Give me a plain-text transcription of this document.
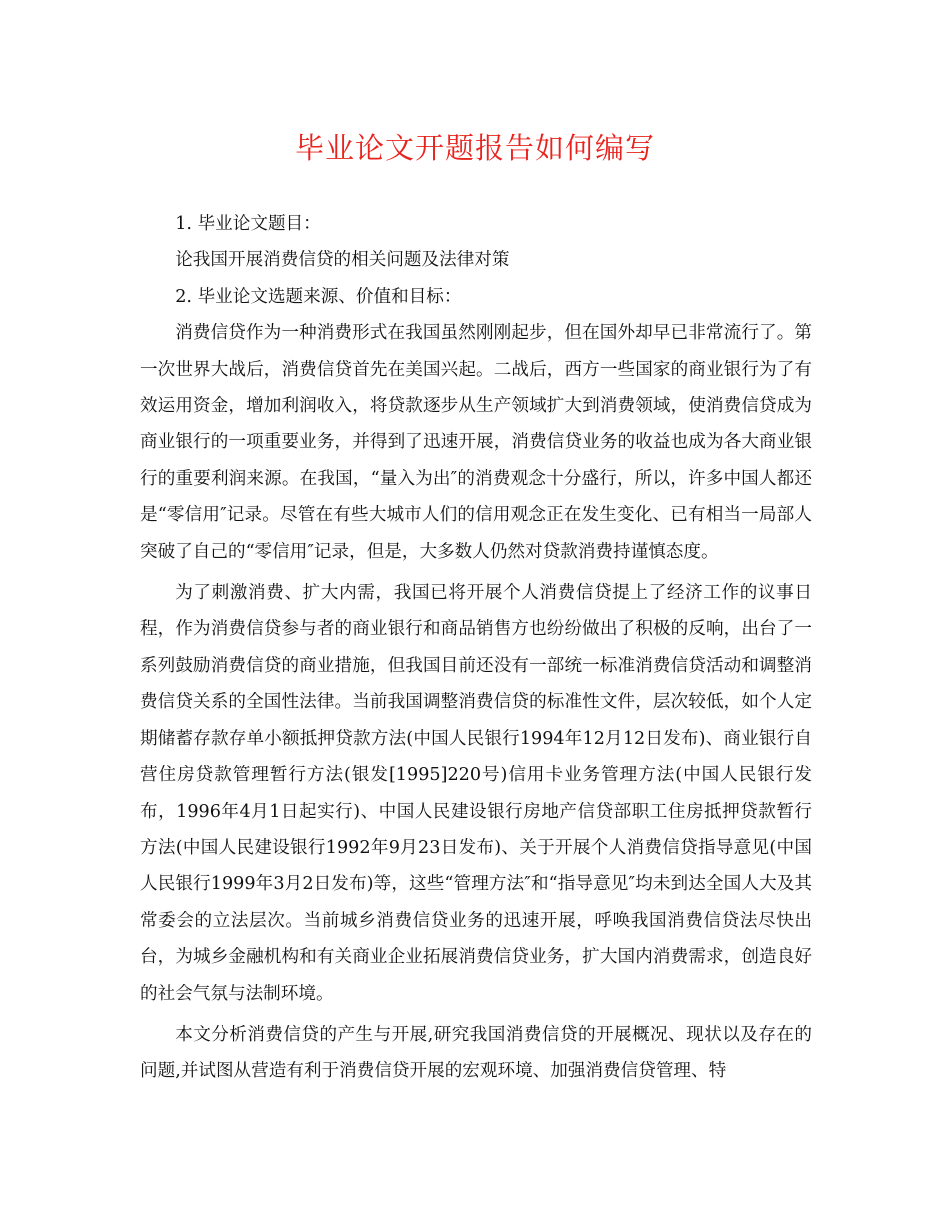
毕业论文开题报告如何编写

1. 毕业论文题目：

论我国开展消费信贷的相关问题及法律对策

2. 毕业论文选题来源、价值和目标：

消费信贷作为一种消费形式在我国虽然刚刚起步，但在国外却早已非常流行了。第一次世界大战后，消费信贷首先在美国兴起。二战后，西方一些国家的商业银行为了有效运用资金，增加利润收入，将贷款逐步从生产领域扩大到消费领域，使消费信贷成为商业银行的一项重要业务，并得到了迅速开展，消费信贷业务的收益也成为各大商业银行的重要利润来源。在我国，“量入为出″的消费观念十分盛行，所以，许多中国人都还是“零信用″记录。尽管在有些大城市人们的信用观念正在发生变化、已有相当一局部人突破了自己的“零信用″记录，但是，大多数人仍然对贷款消费持谨慎态度。

为了刺激消费、扩大内需，我国已将开展个人消费信贷提上了经济工作的议事日程，作为消费信贷参与者的商业银行和商品销售方也纷纷做出了积极的反响，出台了一系列鼓励消费信贷的商业措施，但我国目前还没有一部统一标准消费信贷活动和调整消费信贷关系的全国性法律。当前我国调整消费信贷的标准性文件，层次较低，如个人定期储蓄存款存单小额抵押贷款方法(中国人民银行1994年12月12日发布)、商业银行自营住房贷款管理暂行方法(银发[1995]220号)信用卡业务管理方法(中国人民银行发布，1996年4月1日起实行)、中国人民建设银行房地产信贷部职工住房抵押贷款暂行方法(中国人民建设银行1992年9月23日发布)、关于开展个人消费信贷指导意见(中国人民银行1999年3月2日发布)等，这些“管理方法″和“指导意见″均未到达全国人大及其常委会的立法层次。当前城乡消费信贷业务的迅速开展，呼唤我国消费信贷法尽快出台，为城乡金融机构和有关商业企业拓展消费信贷业务，扩大国内消费需求，创造良好的社会气氛与法制环境。

本文分析消费信贷的产生与开展,研究我国消费信贷的开展概况、现状以及存在的问题,并试图从营造有利于消费信贷开展的宏观环境、加强消费信贷管理、特
